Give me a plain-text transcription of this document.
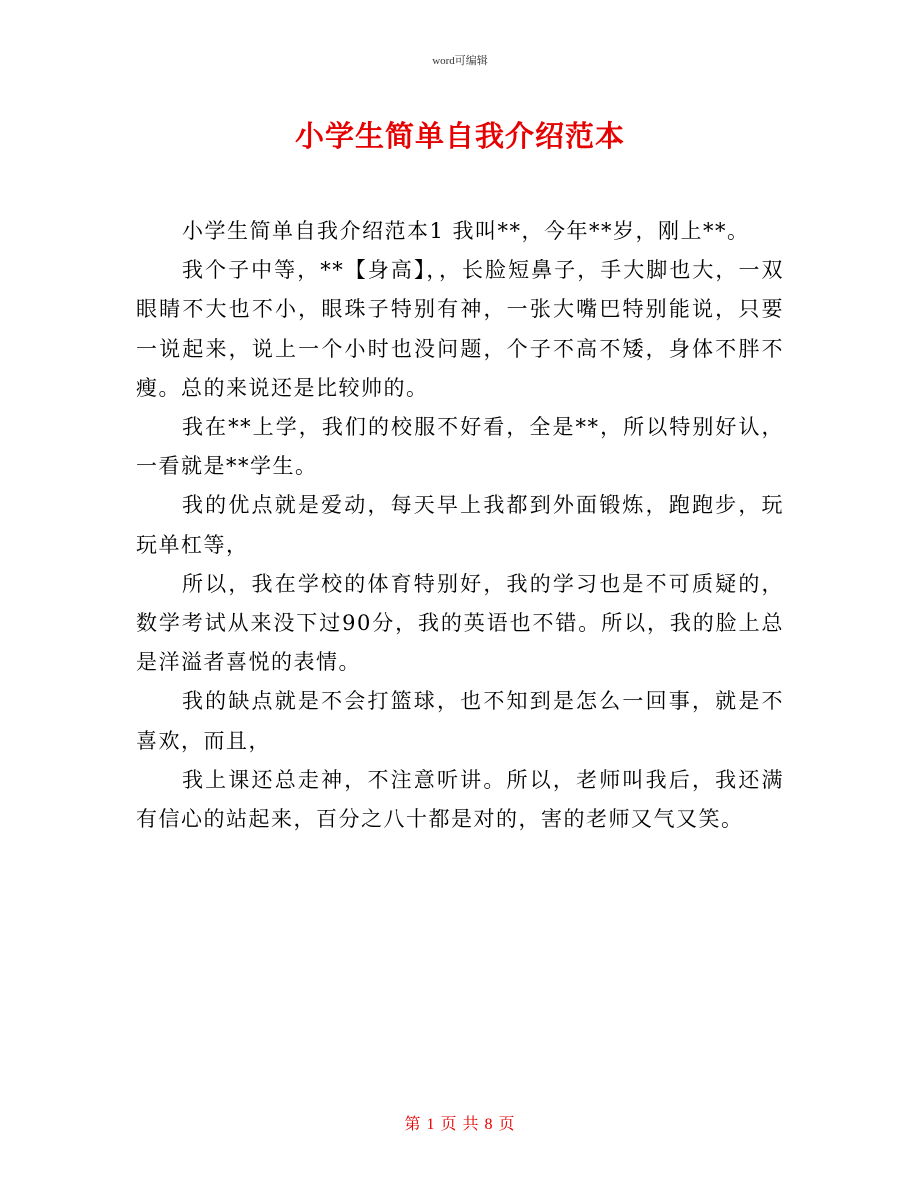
word可编辑
小学生简单自我介绍范本

小学生简单自我介绍范本1 我叫**，今年**岁，刚上**。

我个子中等，**【身高】，，长脸短鼻子，手大脚也大，一双眼睛不大也不小，眼珠子特别有神，一张大嘴巴特别能说，只要一说起来，说上一个小时也没问题，个子不高不矮，身体不胖不瘦。总的来说还是比较帅的。

我在**上学，我们的校服不好看，全是**，所以特别好认，一看就是**学生。

我的优点就是爱动，每天早上我都到外面锻炼，跑跑步，玩玩单杠等，

所以，我在学校的体育特别好，我的学习也是不可质疑的，数学考试从来没下过90分，我的英语也不错。所以，我的脸上总是洋溢者喜悦的表情。

我的缺点就是不会打篮球，也不知到是怎么一回事，就是不喜欢，而且，

我上课还总走神，不注意听讲。所以，老师叫我后，我还满有信心的站起来，百分之八十都是对的，害的老师又气又笑。

第 1 页 共 8 页
